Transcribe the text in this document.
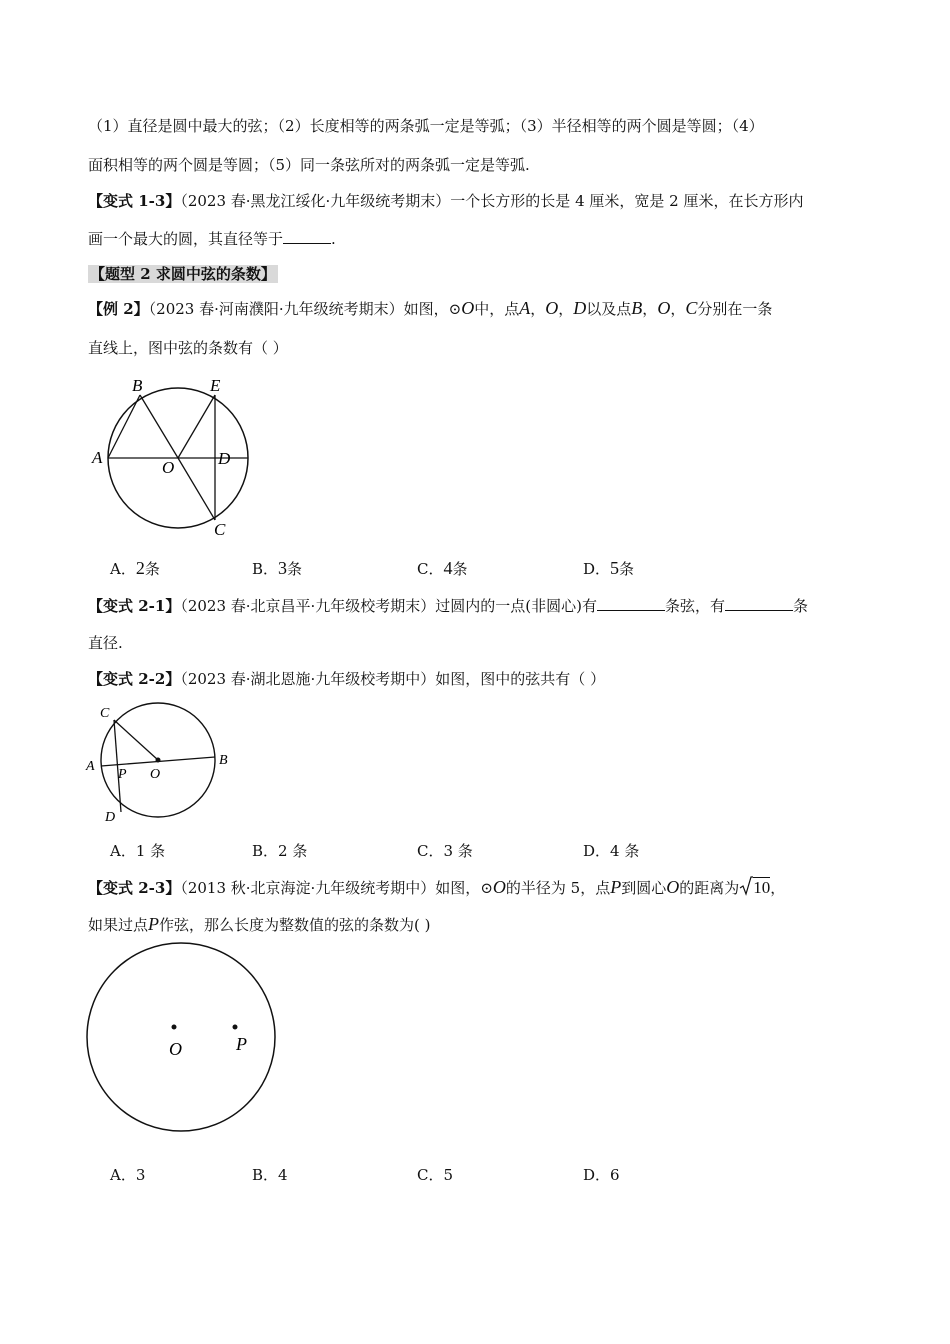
（1）直径是圆中最大的弦；（2）长度相等的两条弧一定是等弧；（3）半径相等的两个圆是等圆；（4）
面积相等的两个圆是等圆；（5）同一条弦所对的两条弧一定是等弧.
【变式 1-3】（2023 春·黑龙江绥化·九年级统考期末）一个长方形的长是 4 厘米，宽是 2 厘米，在长方形内
画一个最大的圆，其直径等于	.
【题型 2 求圆中弦的条数】
【例 2】（2023 春·河南濮阳·九年级统考期末）如图，⊙O中，点A，O，D以及点B，O，C分别在一条
直线上，图中弦的条数有（ ）
A
B	E
D
O
C
A．2条	B．3条	C．4条	D．5条
【变式 2-1】（2023 春·北京昌平·九年级校考期末）过圆内的一点(非圆心)有	条弦，有	条
直径.
【变式 2-2】（2023 春·湖北恩施·九年级校考期中）如图，图中的弦共有（ ）
C
A
P O
B
D
A．1 条	B．2 条	C．3 条	D．4 条
【变式 2-3】（2013 秋·北京海淀·九年级统考期中）如图，⊙O的半径为 5，点P到圆心O的距离为 10，
如果过点P作弦，那么长度为整数值的弦的条数为( )
O	P
A．3	B．4	C．5	D．6
